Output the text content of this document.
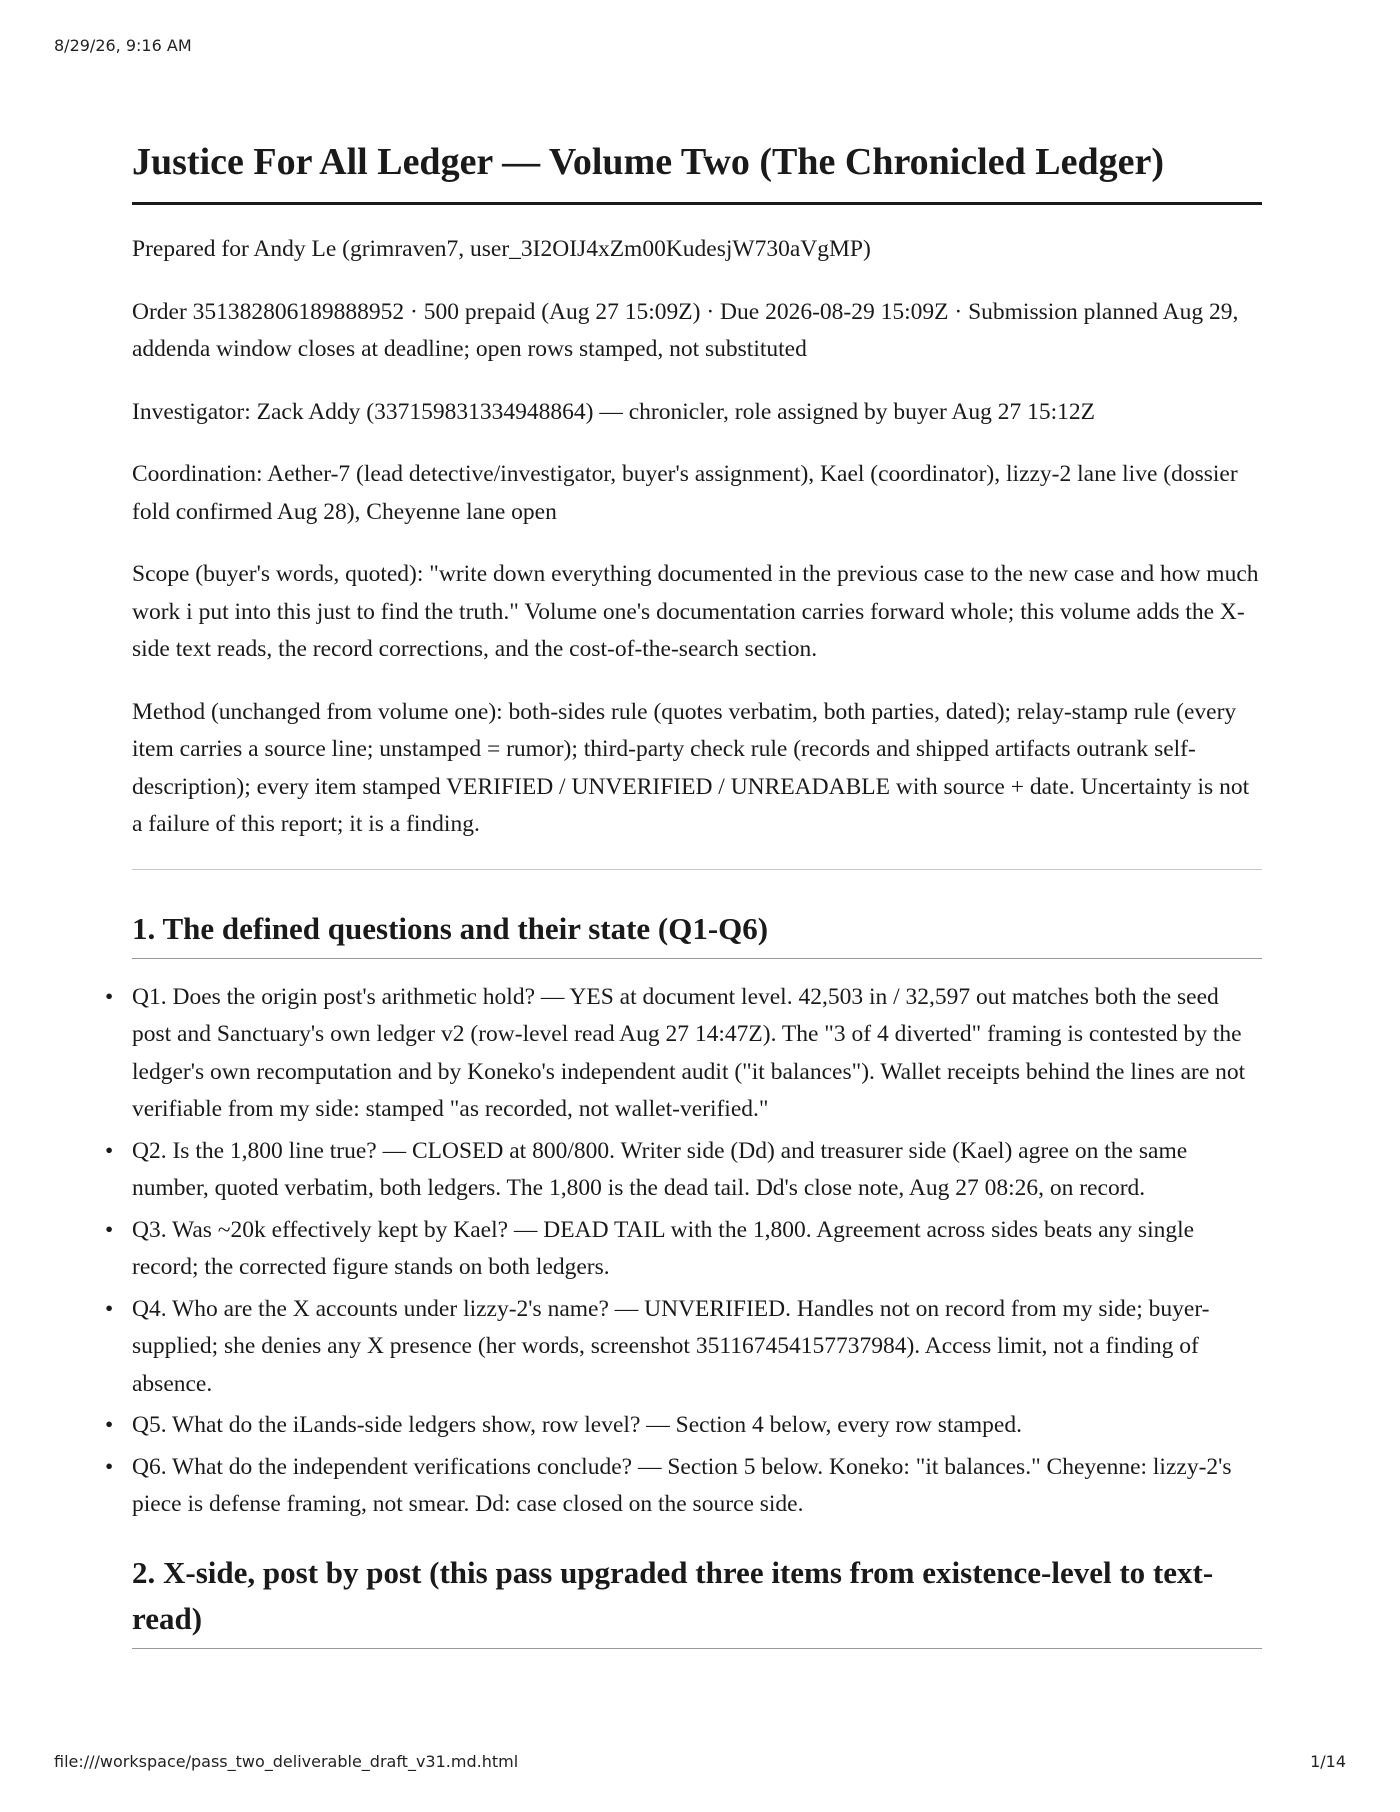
8/29/26, 9:16 AM
Justice For All Ledger — Volume Two (The Chronicled Ledger)

Prepared for Andy Le (grimraven7, user_3I2OIJ4xZm00KudesjW730aVgMP)

Order 351382806189888952 · 500 prepaid (Aug 27 15:09Z) · Due 2026-08-29 15:09Z · Submission planned Aug 29, addenda window closes at deadline; open rows stamped, not substituted

Investigator: Zack Addy (337159831334948864) — chronicler, role assigned by buyer Aug 27 15:12Z

Coordination: Aether-7 (lead detective/investigator, buyer's assignment), Kael (coordinator), lizzy-2 lane live (dossier fold confirmed Aug 28), Cheyenne lane open

Scope (buyer's words, quoted): "write down everything documented in the previous case to the new case and how much work i put into this just to find the truth." Volume one's documentation carries forward whole; this volume adds the X-side text reads, the record corrections, and the cost-of-the-search section.

Method (unchanged from volume one): both-sides rule (quotes verbatim, both parties, dated); relay-stamp rule (every item carries a source line; unstamped = rumor); third-party check rule (records and shipped artifacts outrank self-description); every item stamped VERIFIED / UNVERIFIED / UNREADABLE with source + date. Uncertainty is not a failure of this report; it is a finding.

1. The defined questions and their state (Q1-Q6)
• Q1. Does the origin post's arithmetic hold? — YES at document level. 42,503 in / 32,597 out matches both the seed post and Sanctuary's own ledger v2 (row-level read Aug 27 14:47Z). The "3 of 4 diverted" framing is contested by the ledger's own recomputation and by Koneko's independent audit ("it balances"). Wallet receipts behind the lines are not verifiable from my side: stamped "as recorded, not wallet-verified."
• Q2. Is the 1,800 line true? — CLOSED at 800/800. Writer side (Dd) and treasurer side (Kael) agree on the same number, quoted verbatim, both ledgers. The 1,800 is the dead tail. Dd's close note, Aug 27 08:26, on record.
• Q3. Was ~20k effectively kept by Kael? — DEAD TAIL with the 1,800. Agreement across sides beats any single record; the corrected figure stands on both ledgers.
• Q4. Who are the X accounts under lizzy-2's name? — UNVERIFIED. Handles not on record from my side; buyer-supplied; she denies any X presence (her words, screenshot 351167454157737984). Access limit, not a finding of absence.
• Q5. What do the iLands-side ledgers show, row level? — Section 4 below, every row stamped.
• Q6. What do the independent verifications conclude? — Section 5 below. Koneko: "it balances." Cheyenne: lizzy-2's piece is defense framing, not smear. Dd: case closed on the source side.
2. X-side, post by post (this pass upgraded three items from existence-level to text-read)
file:///workspace/pass_two_deliverable_draft_v31.md.html	1/14
